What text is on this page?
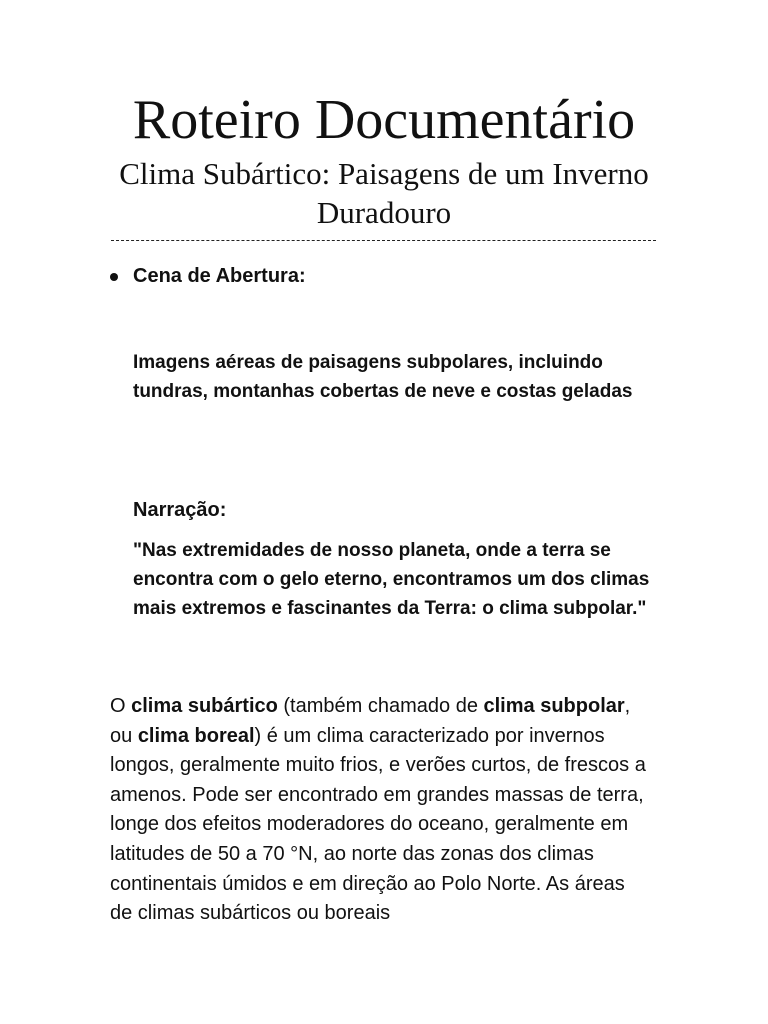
Roteiro Documentário
Clima Subártico: Paisagens de um Inverno Duradouro
Cena de Abertura:
Imagens aéreas de paisagens subpolares, incluindo tundras, montanhas cobertas de neve e costas geladas
Narração:
"Nas extremidades de nosso planeta, onde a terra se encontra com o gelo eterno, encontramos um dos climas mais extremos e fascinantes da Terra: o clima subpolar."
O clima subártico (também chamado de clima subpolar, ou clima boreal) é um clima caracterizado por invernos longos, geralmente muito frios, e verões curtos, de frescos a amenos. Pode ser encontrado em grandes massas de terra, longe dos efeitos moderadores do oceano, geralmente em latitudes de 50 a 70 °N, ao norte das zonas dos climas continentais úmidos e em direção ao Polo Norte. As áreas de climas subárticos ou boreais
